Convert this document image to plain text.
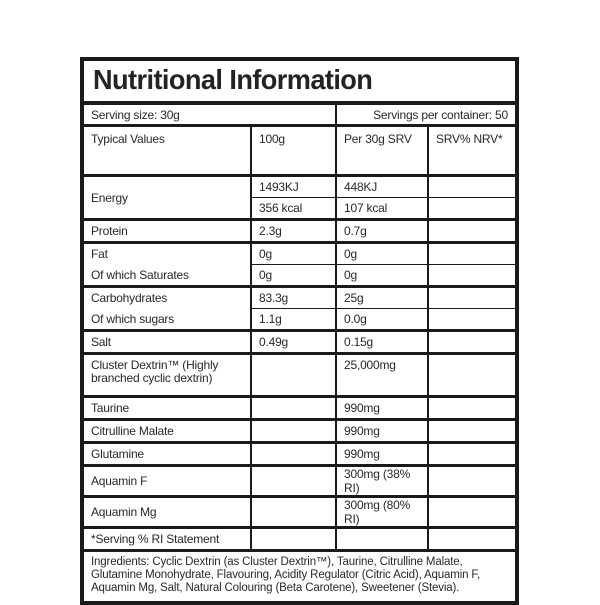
Nutritional Information
Serving size: 30g		Servings per container: 50	
Typical Values	100g	Per 30g SRV	SRV% NRV*
Energy	1493KJ	448KJ	
	356 kcal	107 kcal	
Protein	2.3g	0.7g	
Fat	0g	0g	
Of which Saturates	0g	0g	
Carbohydrates	83.3g	25g	
Of which sugars	1.1g	0.0g	
Salt	0.49g	0.15g	
Cluster Dextrin™ (Highly branched cyclic dextrin)		25,000mg	
Taurine		990mg	
Citrulline Malate		990mg	
Glutamine		990mg	
Aquamin F		300mg (38% RI)	
Aquamin Mg		300mg (80% RI)	
*Serving % RI Statement			
Ingredients: Cyclic Dextrin (as Cluster Dextrin™), Taurine, Citrulline Malate, Glutamine Monohydrate, Flavouring, Acidity Regulator (Citric Acid), Aquamin F, Aquamin Mg, Salt, Natural Colouring (Beta Carotene), Sweetener (Stevia).
